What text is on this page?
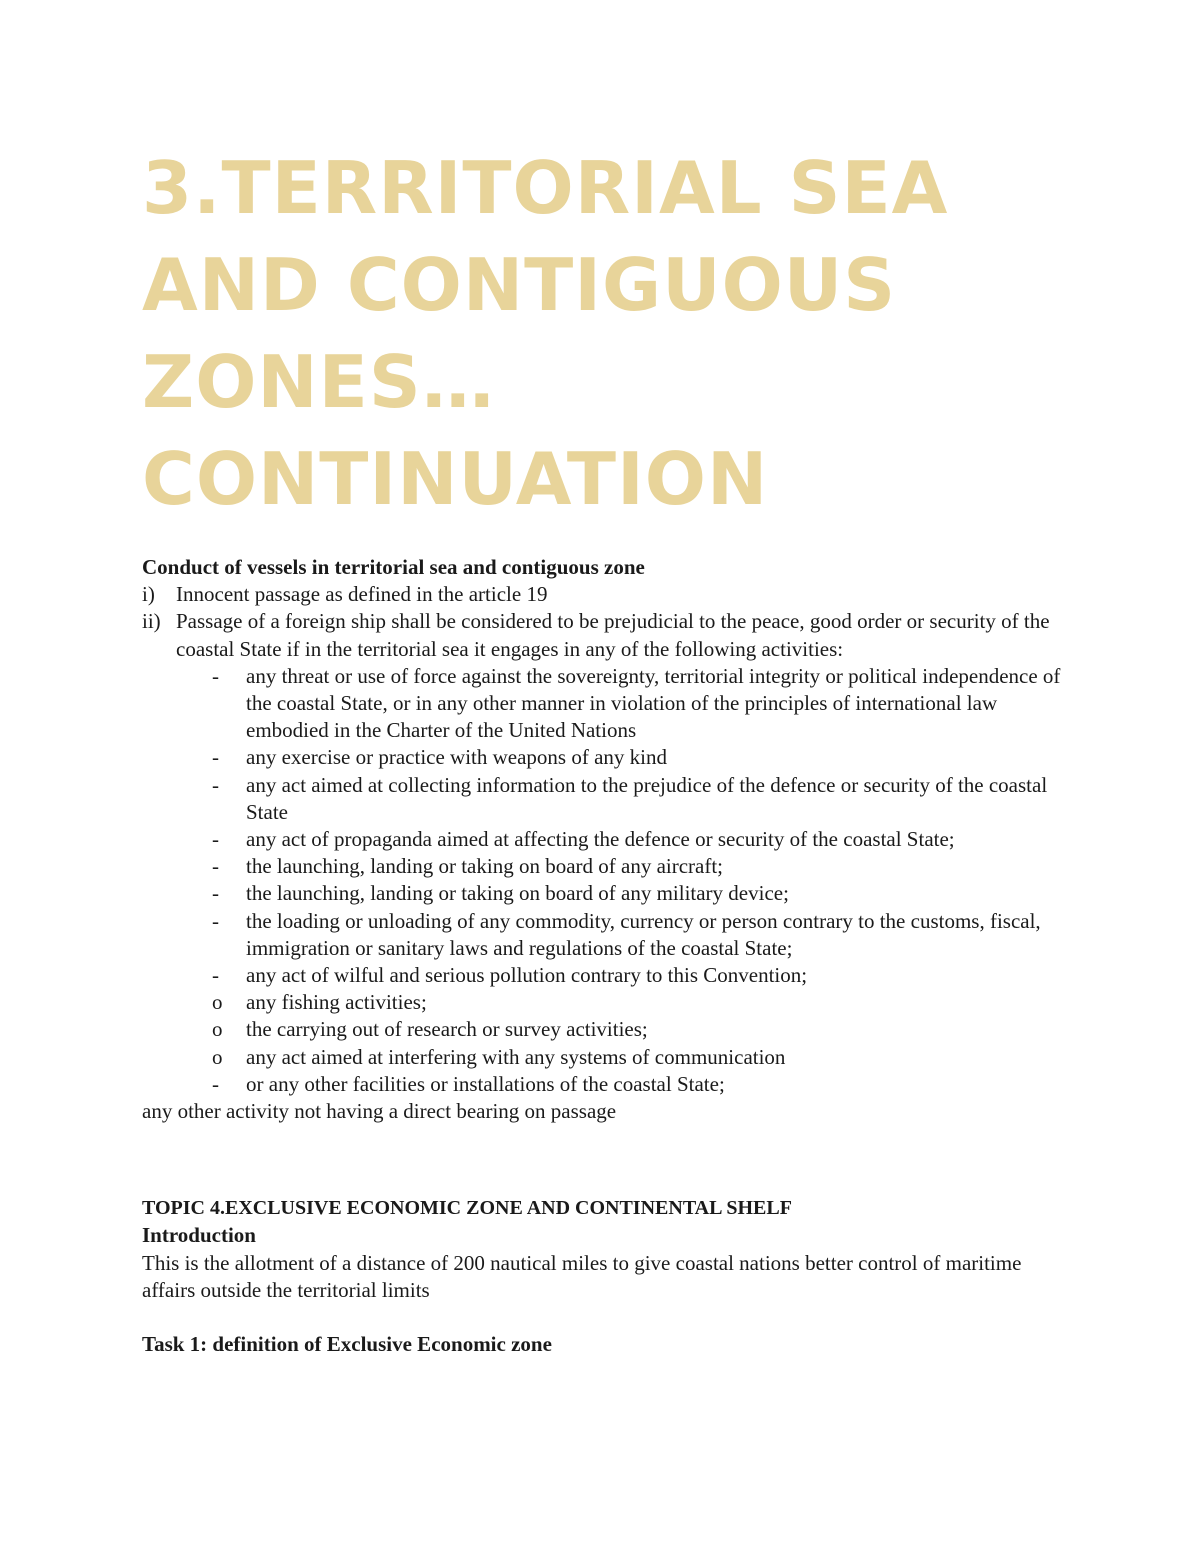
3.TERRITORIAL SEA
AND CONTIGUOUS
ZONES…
CONTINUATION
Conduct of vessels in territorial sea and contiguous zone
i)	Innocent passage as defined in the article 19
ii) Passage of a foreign ship shall be considered to be prejudicial to the peace, good order or security of the coastal State if in the territorial sea it engages in any of the following activities:
-	any threat or use of force against the sovereignty, territorial integrity or political independence of the coastal State, or in any other manner in violation of the principles of international law embodied in the Charter of the United Nations
-	any exercise or practice with weapons of any kind
-	any act aimed at collecting information to the prejudice of the defence or security of the coastal State
-	any act of propaganda aimed at affecting the defence or security of the coastal State;
-	the launching, landing or taking on board of any aircraft;
-	the launching, landing or taking on board of any military device;
-	the loading or unloading of any commodity, currency or person contrary to the customs, fiscal, immigration or sanitary laws and regulations of the coastal State;
-	any act of wilful and serious pollution contrary to this Convention;
o	any fishing activities;
o	the carrying out of research or survey activities;
o	any act aimed at interfering with any systems of communication
-	or any other facilities or installations of the coastal State;
any other activity not having a direct bearing on passage
TOPIC 4.EXCLUSIVE ECONOMIC ZONE AND CONTINENTAL SHELF
Introduction
This is the allotment of a distance of 200 nautical miles to give coastal nations better control of maritime affairs outside the territorial limits
Task 1: definition of Exclusive Economic zone
